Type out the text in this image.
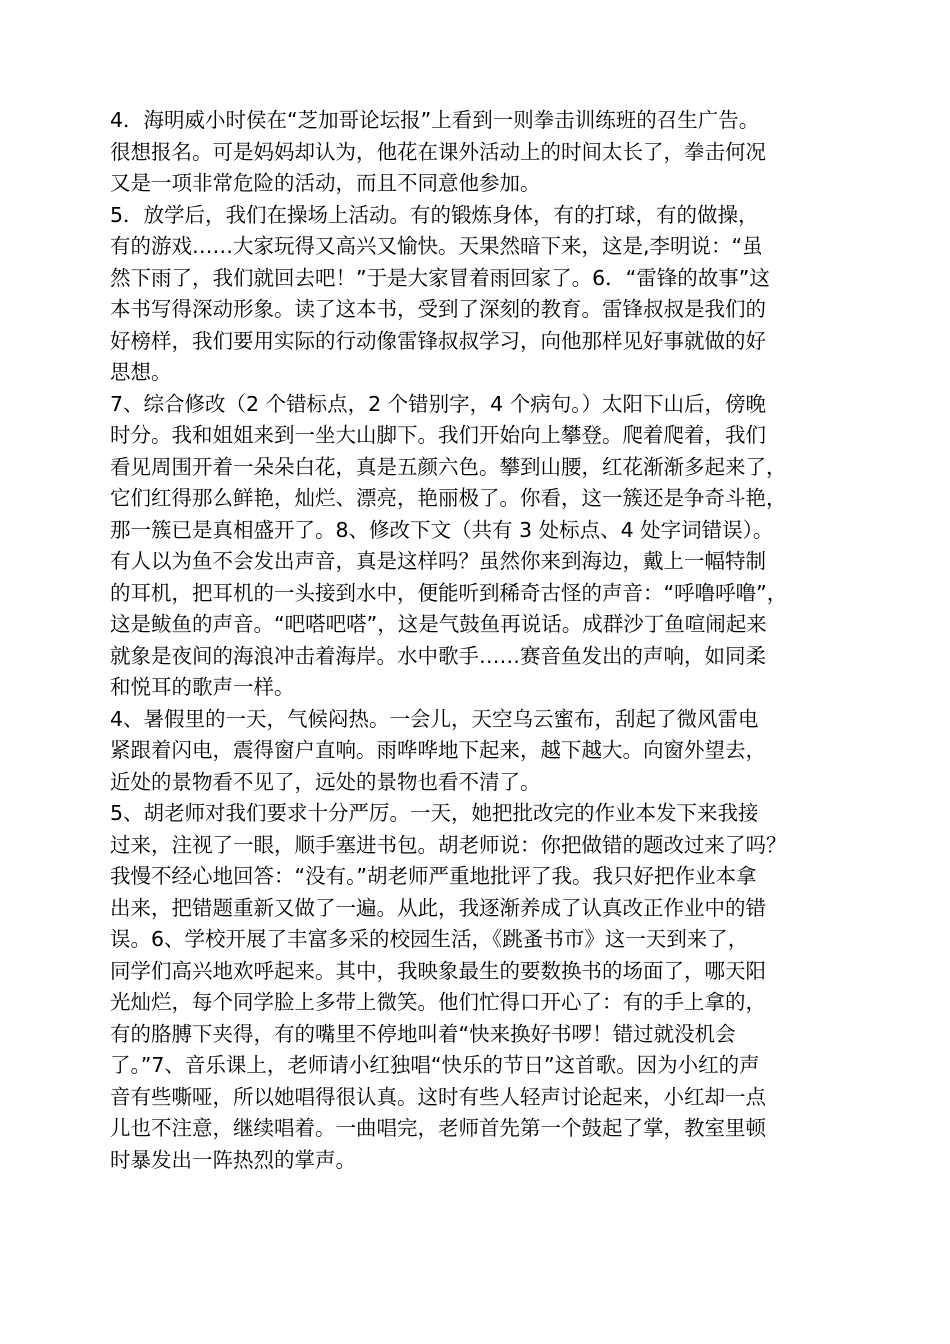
4．海明威小时侯在“芝加哥论坛报”上看到一则拳击训练班的召生广告。
很想报名。可是妈妈却认为，他花在课外活动上的时间太长了，拳击何况
又是一项非常危险的活动，而且不同意他参加。
5．放学后，我们在操场上活动。有的锻炼身体，有的打球，有的做操，
有的游戏……大家玩得又高兴又愉快。天果然暗下来，这是,李明说：“虽
然下雨了，我们就回去吧！”于是大家冒着雨回家了。6．“雷锋的故事”这
本书写得深动形象。读了这本书，受到了深刻的教育。雷锋叔叔是我们的
好榜样，我们要用实际的行动像雷锋叔叔学习，向他那样见好事就做的好
思想。
7、综合修改（2 个错标点，2 个错别字，4 个病句。）太阳下山后，傍晚
时分。我和姐姐来到一坐大山脚下。我们开始向上攀登。爬着爬着，我们
看见周围开着一朵朵白花，真是五颜六色。攀到山腰，红花渐渐多起来了，
它们红得那么鲜艳，灿烂、漂亮，艳丽极了。你看，这一簇还是争奇斗艳，
那一簇已是真相盛开了。8、修改下文（共有 3 处标点、4 处字词错误）。
有人以为鱼不会发出声音，真是这样吗？虽然你来到海边，戴上一幅特制
的耳机，把耳机的一头接到水中，便能听到稀奇古怪的声音：“呼噜呼噜”，
这是鲅鱼的声音。“吧嗒吧嗒”，这是气鼓鱼再说话。成群沙丁鱼喧闹起来
就象是夜间的海浪冲击着海岸。水中歌手……赛音鱼发出的声响，如同柔
和悦耳的歌声一样。
4、暑假里的一天，气候闷热。一会儿，天空乌云蜜布，刮起了微风雷电
紧跟着闪电，震得窗户直响。雨哗哗地下起来，越下越大。向窗外望去，
近处的景物看不见了，远处的景物也看不清了。
5、胡老师对我们要求十分严厉。一天，她把批改完的作业本发下来我接
过来，注视了一眼，顺手塞进书包。胡老师说：你把做错的题改过来了吗？
我慢不经心地回答：“没有。”胡老师严重地批评了我。我只好把作业本拿
出来，把错题重新又做了一遍。从此，我逐渐养成了认真改正作业中的错
误。6、学校开展了丰富多采的校园生活，《跳蚤书市》这一天到来了，
同学们高兴地欢呼起来。其中，我映象最生的要数换书的场面了，哪天阳
光灿烂，每个同学脸上多带上微笑。他们忙得口开心了：有的手上拿的，
有的胳膊下夹得，有的嘴里不停地叫着“快来换好书啰！错过就没机会
了。”7、音乐课上，老师请小红独唱“快乐的节日”这首歌。因为小红的声
音有些嘶哑，所以她唱得很认真。这时有些人轻声讨论起来，小红却一点
儿也不注意，继续唱着。一曲唱完，老师首先第一个鼓起了掌，教室里顿
时暴发出一阵热烈的掌声。
